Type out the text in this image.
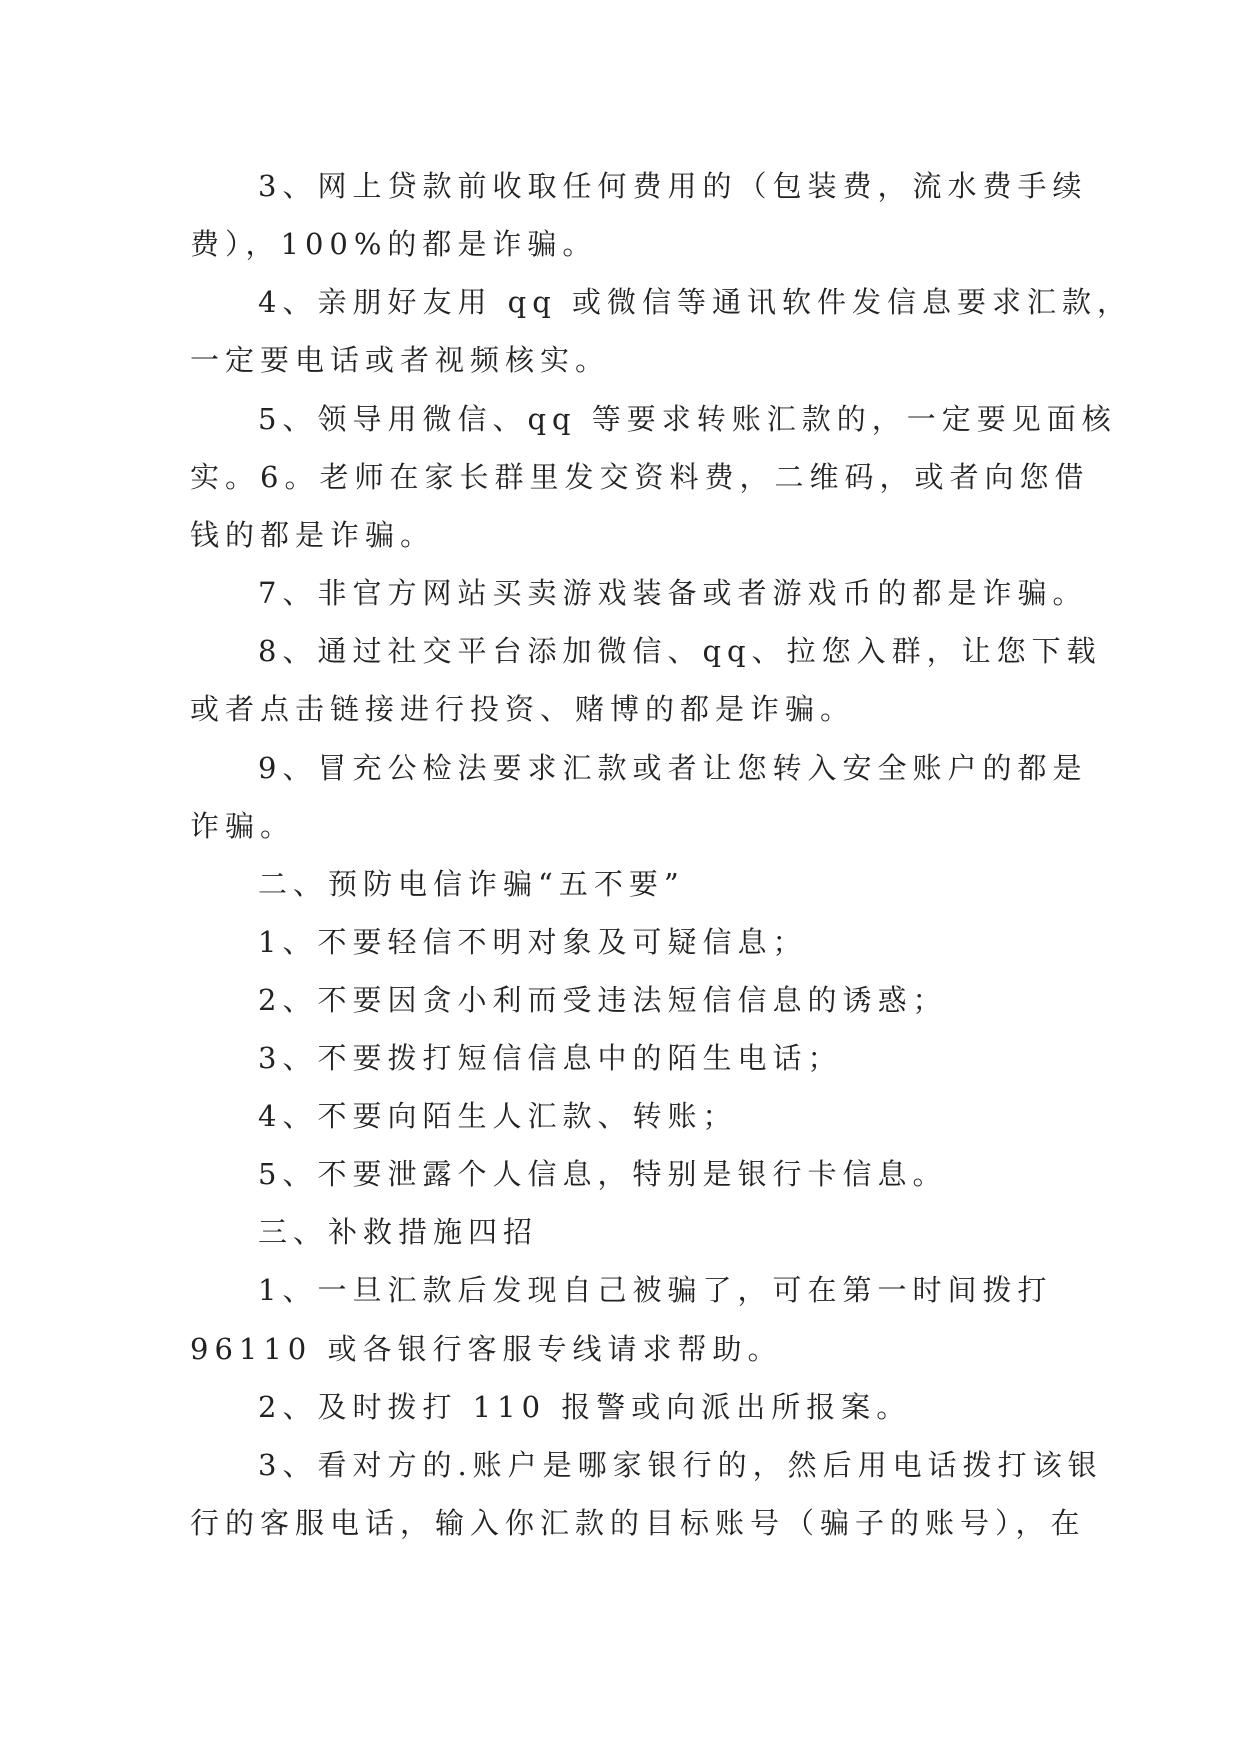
3、网上贷款前收取任何费用的（包装费，流水费手续
费），100%的都是诈骗。
4、亲朋好友用 qq 或微信等通讯软件发信息要求汇款，
一定要电话或者视频核实。
5、领导用微信、qq 等要求转账汇款的，一定要见面核
实。6。老师在家长群里发交资料费，二维码，或者向您借
钱的都是诈骗。
7、非官方网站买卖游戏装备或者游戏币的都是诈骗。
8、通过社交平台添加微信、qq、拉您入群，让您下载
或者点击链接进行投资、赌博的都是诈骗。
9、冒充公检法要求汇款或者让您转入安全账户的都是
诈骗。
二、预防电信诈骗“五不要”
1、不要轻信不明对象及可疑信息；
2、不要因贪小利而受违法短信信息的诱惑；
3、不要拨打短信信息中的陌生电话；
4、不要向陌生人汇款、转账；
5、不要泄露个人信息，特别是银行卡信息。
三、补救措施四招
1、一旦汇款后发现自己被骗了，可在第一时间拨打
96110 或各银行客服专线请求帮助。
2、及时拨打 110 报警或向派出所报案。
3、看对方的.账户是哪家银行的，然后用电话拨打该银
行的客服电话，输入你汇款的目标账号（骗子的账号），在
